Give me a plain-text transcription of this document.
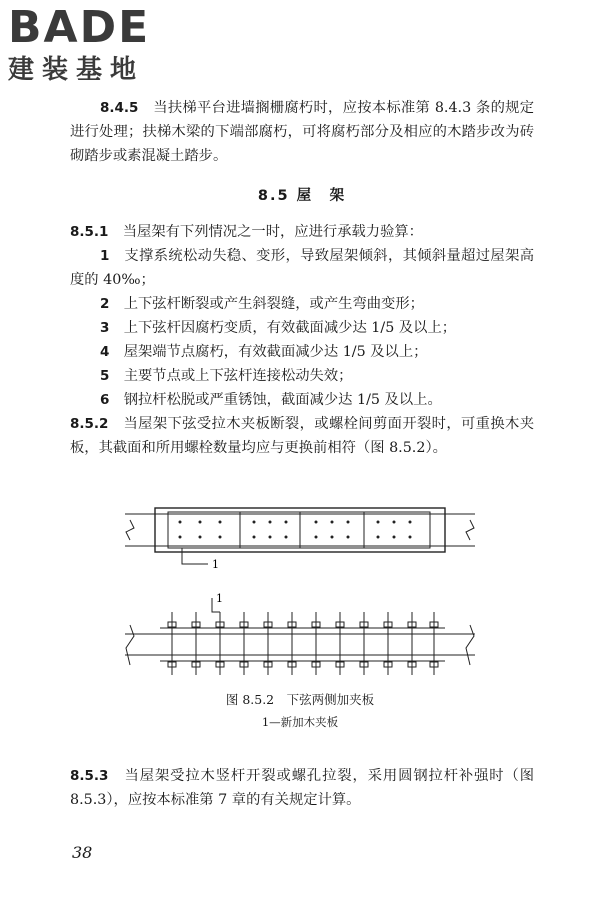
BADE
建装基地

8.4.5　 当扶梯平台进墙搁栅腐朽时，应按本标准第 8.4.3 条的规定进行处理；扶梯木梁的下端部腐朽，可将腐朽部分及相应的木踏步改为砖砌踏步或素混凝土踏步。

8.5 屋　架

8.5.1　 当屋架有下列情况之一时，应进行承载力验算：

1　 支撑系统松动失稳、变形，导致屋架倾斜，其倾斜量超过屋架高度的 40‰；

2　 上下弦杆断裂或产生斜裂缝，或产生弯曲变形；

3　 上下弦杆因腐朽变质，有效截面减少达 1/5 及以上；

4　 屋架端节点腐朽，有效截面减少达 1/5 及以上；

5　 主要节点或上下弦杆连接松动失效；

6　 钢拉杆松脱或严重锈蚀，截面减少达 1/5 及以上。

8.5.2　 当屋架下弦受拉木夹板断裂，或螺栓间剪面开裂时，可重换木夹板，其截面和所用螺栓数量均应与更换前相符（图 8.5.2）。

1
1
图 8.5.2　下弦两侧加夹板
1—新加木夹板

8.5.3　 当屋架受拉木竖杆开裂或螺孔拉裂，采用圆钢拉杆补强时（图 8.5.3），应按本标准第 7 章的有关规定计算。

38
